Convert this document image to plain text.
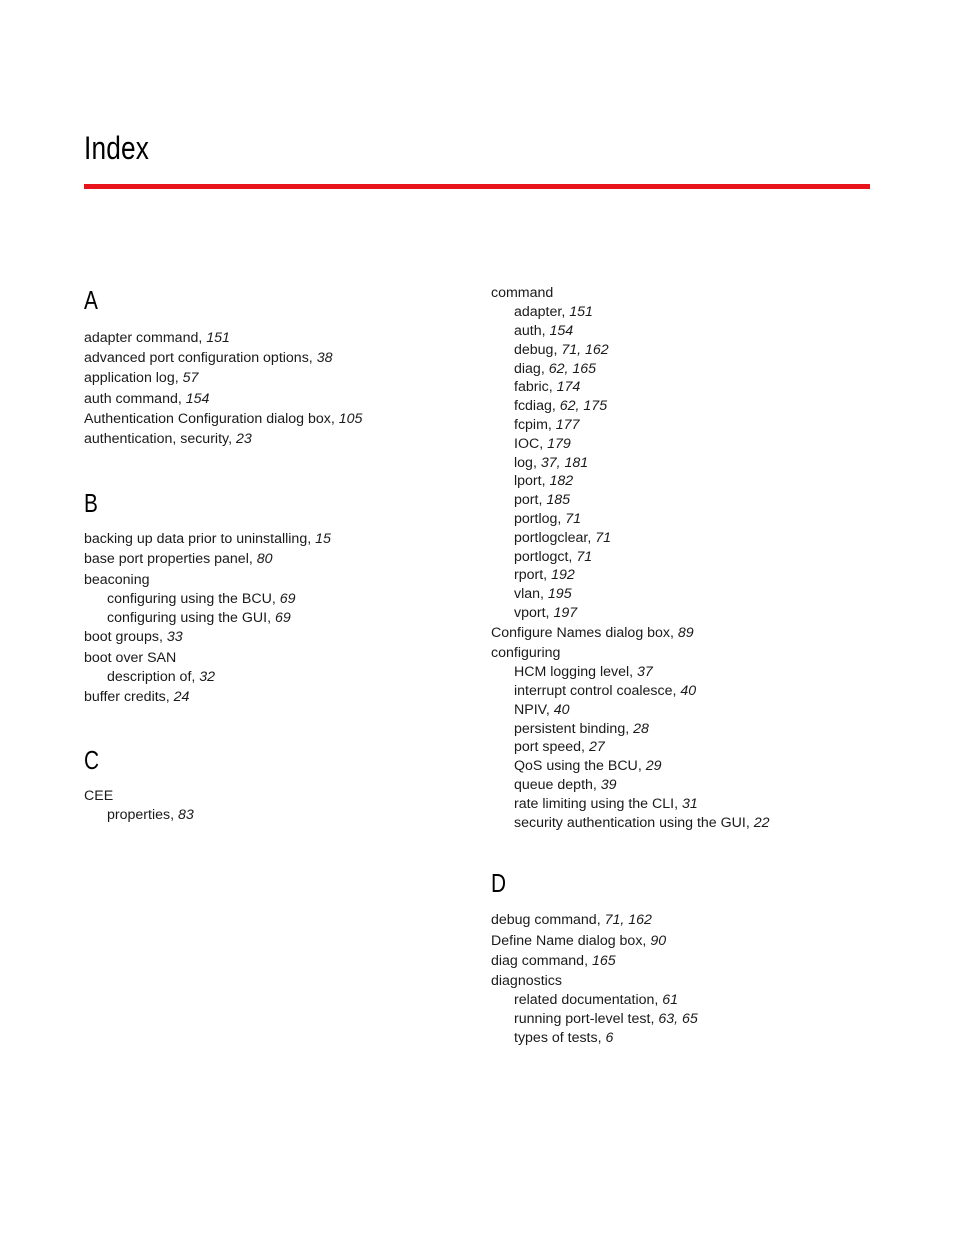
Index
A
adapter command, 151
advanced port configuration options, 38
application log, 57
auth command, 154
Authentication Configuration dialog box, 105
authentication, security, 23
B
backing up data prior to uninstalling, 15
base port properties panel, 80
beaconing
configuring using the BCU, 69
configuring using the GUI, 69
boot groups, 33
boot over SAN
description of, 32
buffer credits, 24
C
CEE
properties, 83
command
adapter, 151
auth, 154
debug, 71, 162
diag, 62, 165
fabric, 174
fcdiag, 62, 175
fcpim, 177
IOC, 179
log, 37, 181
lport, 182
port, 185
portlog, 71
portlogclear, 71
portlogct, 71
rport, 192
vlan, 195
vport, 197
Configure Names dialog box, 89
configuring
HCM logging level, 37
interrupt control coalesce, 40
NPIV, 40
persistent binding, 28
port speed, 27
QoS using the BCU, 29
queue depth, 39
rate limiting using the CLI, 31
security authentication using the GUI, 22
D
debug command, 71, 162
Define Name dialog box, 90
diag command, 165
diagnostics
related documentation, 61
running port-level test, 63, 65
types of tests, 6
